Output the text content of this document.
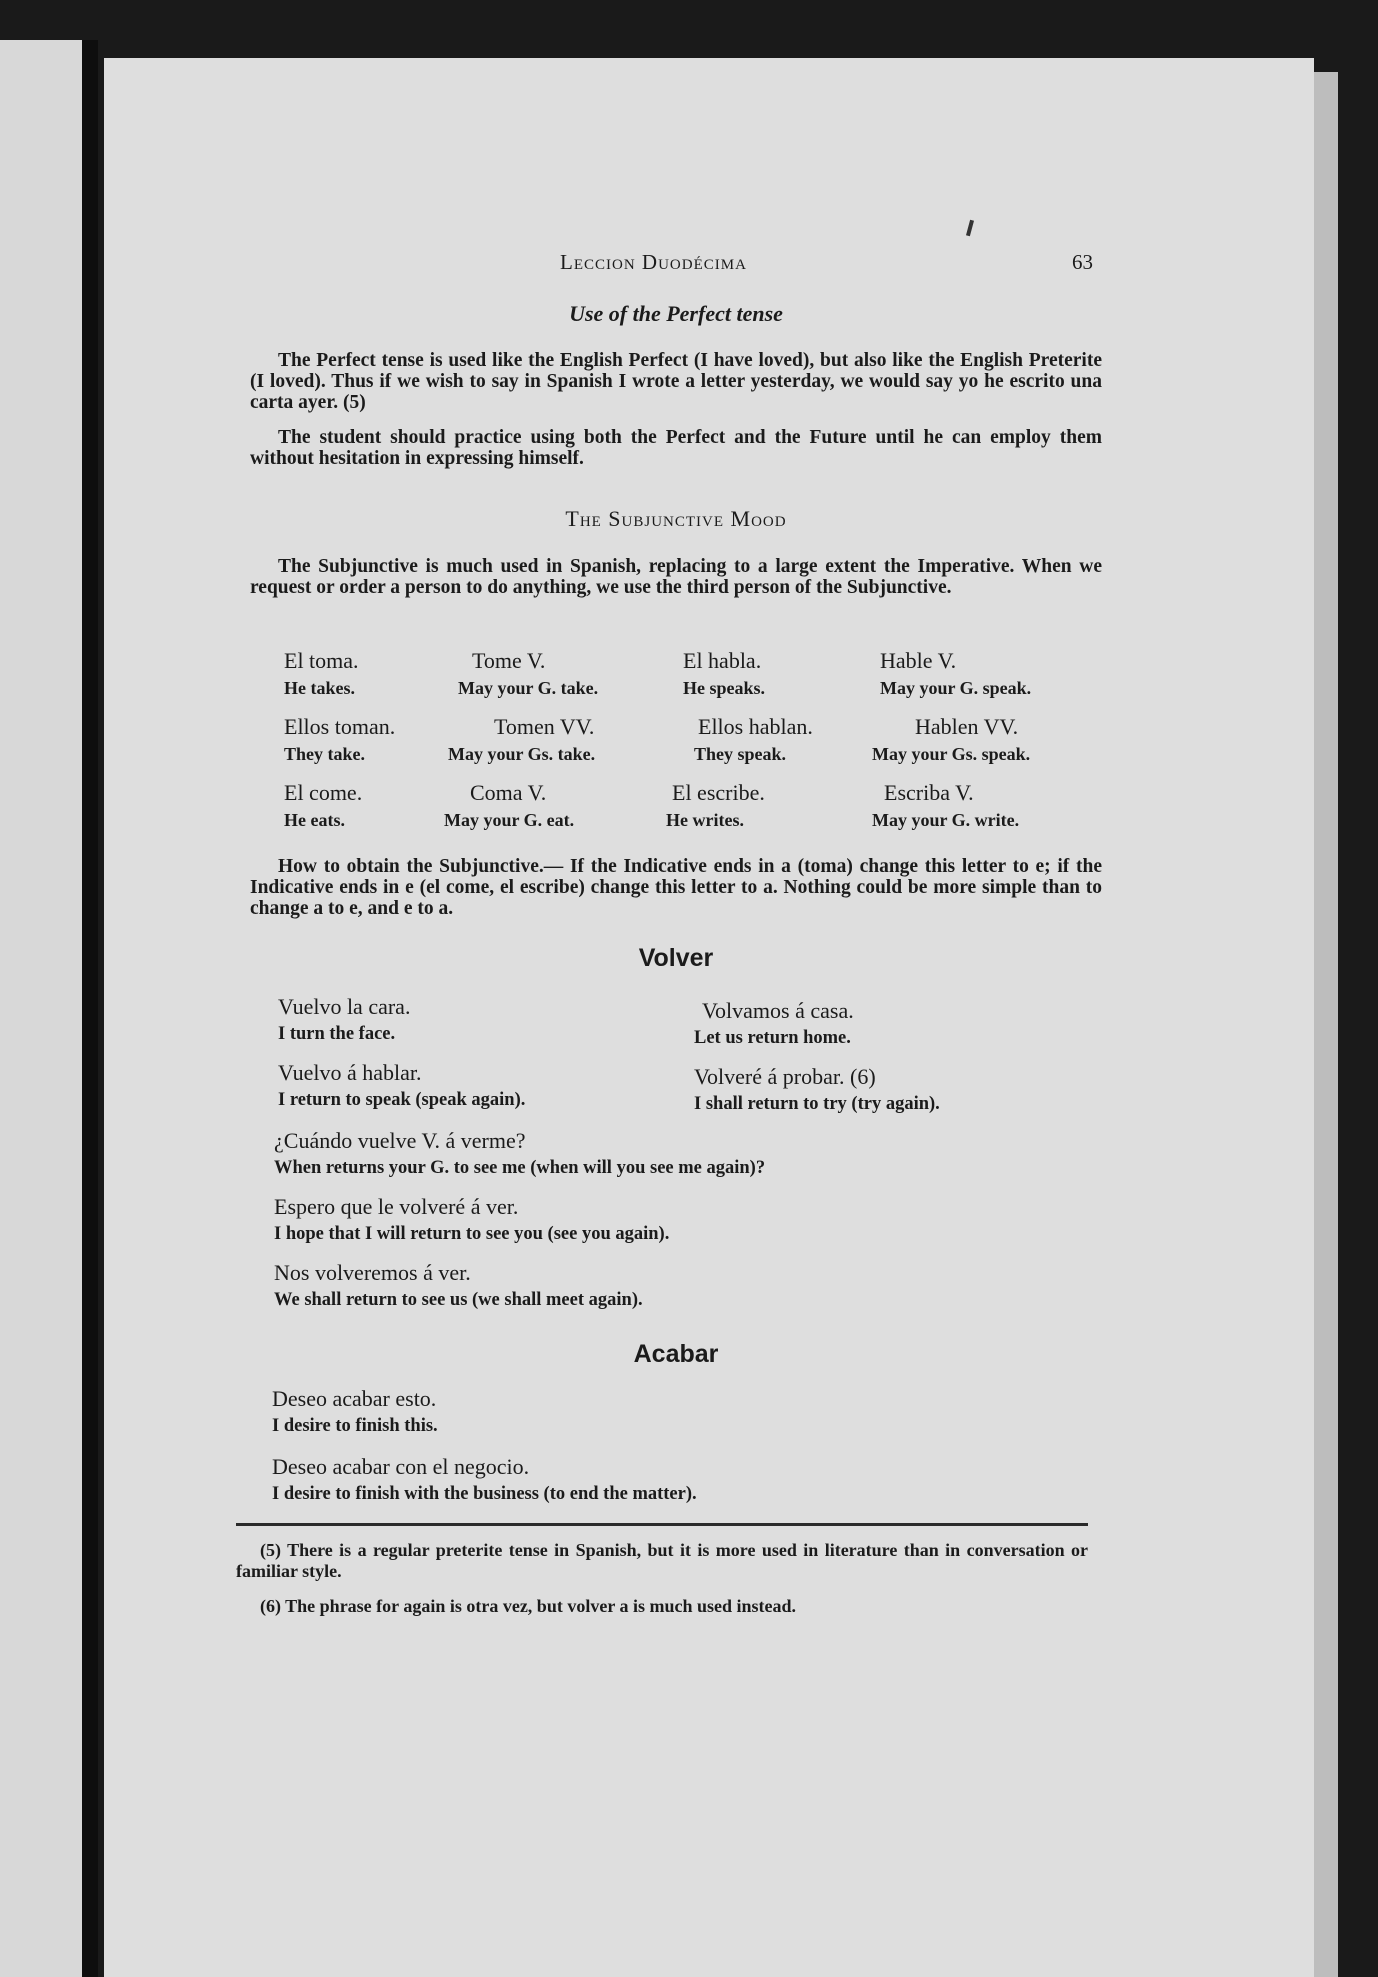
Leccion Duodécima	63
Use of the Perfect tense
The Perfect tense is used like the English Perfect (I have loved), but also like the English Preterite (I loved). Thus if we wish to say in Spanish I wrote a letter yesterday, we would say yo he escrito una carta ayer. (5)
The student should practice using both the Perfect and the Future until he can employ them without hesitation in expressing himself.
The Subjunctive Mood
The Subjunctive is much used in Spanish, replacing to a large extent the Imperative. When we request or order a person to do anything, we use the third person of the Subjunctive.
El toma.
He takes.
Tome V.
May your G. take.
El habla.
He speaks.
Hable V.
May your G. speak.
Ellos toman.
They take.
Tomen VV.
May your Gs. take.
Ellos hablan.
They speak.
Hablen VV.
May your Gs. speak.
El come.
He eats.
Coma V.
May your G. eat.
El escribe.
He writes.
Escriba V.
May your G. write.
How to obtain the Subjunctive.— If the Indicative ends in a (toma) change this letter to e; if the Indicative ends in e (el come, el escribe) change this letter to a. Nothing could be more simple than to change a to e, and e to a.
Volver
Vuelvo la cara.
I turn the face.
Volvamos á casa.
Let us return home.
Vuelvo á hablar.
I return to speak (speak again).
Volveré á probar. (6)
I shall return to try (try again).
¿Cuándo vuelve V. á verme?
When returns your G. to see me (when will you see me again)?
Espero que le volveré á ver.
I hope that I will return to see you (see you again).
Nos volveremos á ver.
We shall return to see us (we shall meet again).
Acabar
Deseo acabar esto.
I desire to finish this.
Deseo acabar con el negocio.
I desire to finish with the business (to end the matter).
(5) There is a regular preterite tense in Spanish, but it is more used in literature than in conversation or familiar style.
(6) The phrase for again is otra vez, but volver a is much used instead.
